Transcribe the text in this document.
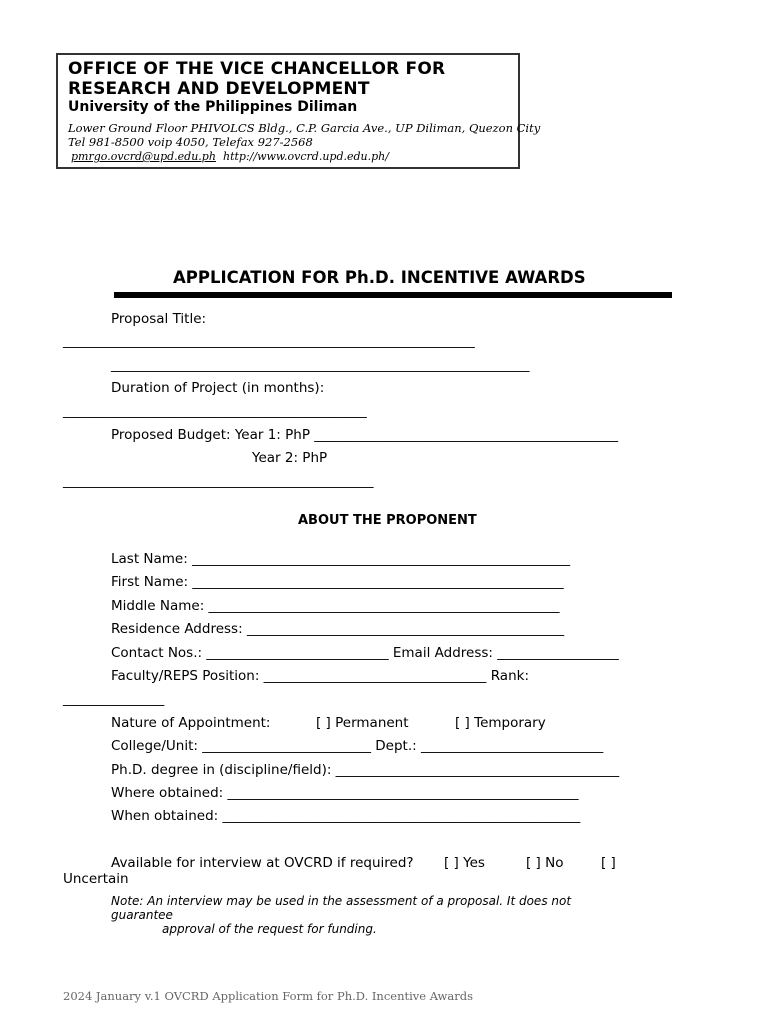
OFFICE OF THE VICE CHANCELLOR FOR
RESEARCH AND DEVELOPMENT
University of the Philippines Diliman
Lower Ground Floor PHIVOLCS Bldg., C.P. Garcia Ave., UP Diliman, Quezon City
Tel 981-8500 voip 4050, Telefax 927-2568
pmrgo.ovcrd@upd.edu.ph http://www.ovcrd.upd.edu.ph/
APPLICATION FOR Ph.D. INCENTIVE AWARDS
Proposal Title:
_____________________________________________________________
______________________________________________________________
Duration of Project (in months):
_____________________________________________
Proposed Budget: Year 1: PhP _____________________________________________
Year 2: PhP
______________________________________________
ABOUT THE PROPONENT
Last Name: ________________________________________________________
First Name: _______________________________________________________
Middle Name: ____________________________________________________
Residence Address: _______________________________________________
Contact Nos.: ___________________________ Email Address: __________________
Faculty/REPS Position: _________________________________ Rank:
_______________
Nature of Appointment:	[ ] Permanent	[ ] Temporary
College/Unit: _________________________ Dept.: ___________________________
Ph.D. degree in (discipline/field): __________________________________________
Where obtained: ____________________________________________________
When obtained: _____________________________________________________
Available for interview at OVCRD if required? [ ] Yes	[ ] No	[ ]
Uncertain
Note: An interview may be used in the assessment of a proposal. It does not
guarantee
approval of the request for funding.
2024 January v.1 OVCRD Application Form for Ph.D. Incentive Awards
